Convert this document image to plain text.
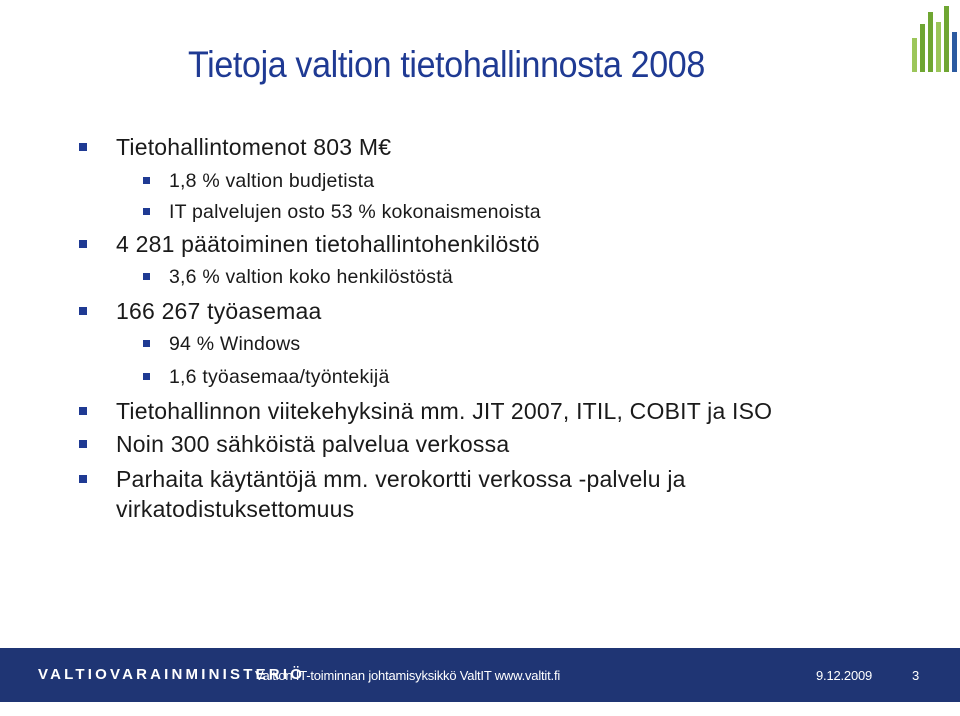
Tietoja valtion tietohallinnosta 2008
Tietohallintomenot 803 M€
1,8 % valtion budjetista
IT palvelujen osto 53 % kokonaismenoista
4 281 päätoiminen tietohallintohenkilöstö
3,6 % valtion koko henkilöstöstä
166 267 työasemaa
94 % Windows
1,6 työasemaa/työntekijä
Tietohallinnon viitekehyksinä mm. JIT 2007, ITIL, COBIT ja ISO
Noin 300 sähköistä palvelua verkossa
Parhaita käytäntöjä mm. verokortti verkossa -palvelu ja
virkatodistuksettomuus
VALTIOVARAINMINISTERIÖ
Valtion IT-toiminnan johtamisyksikkö ValtIT www.valtit.fi	9.12.2009	3
